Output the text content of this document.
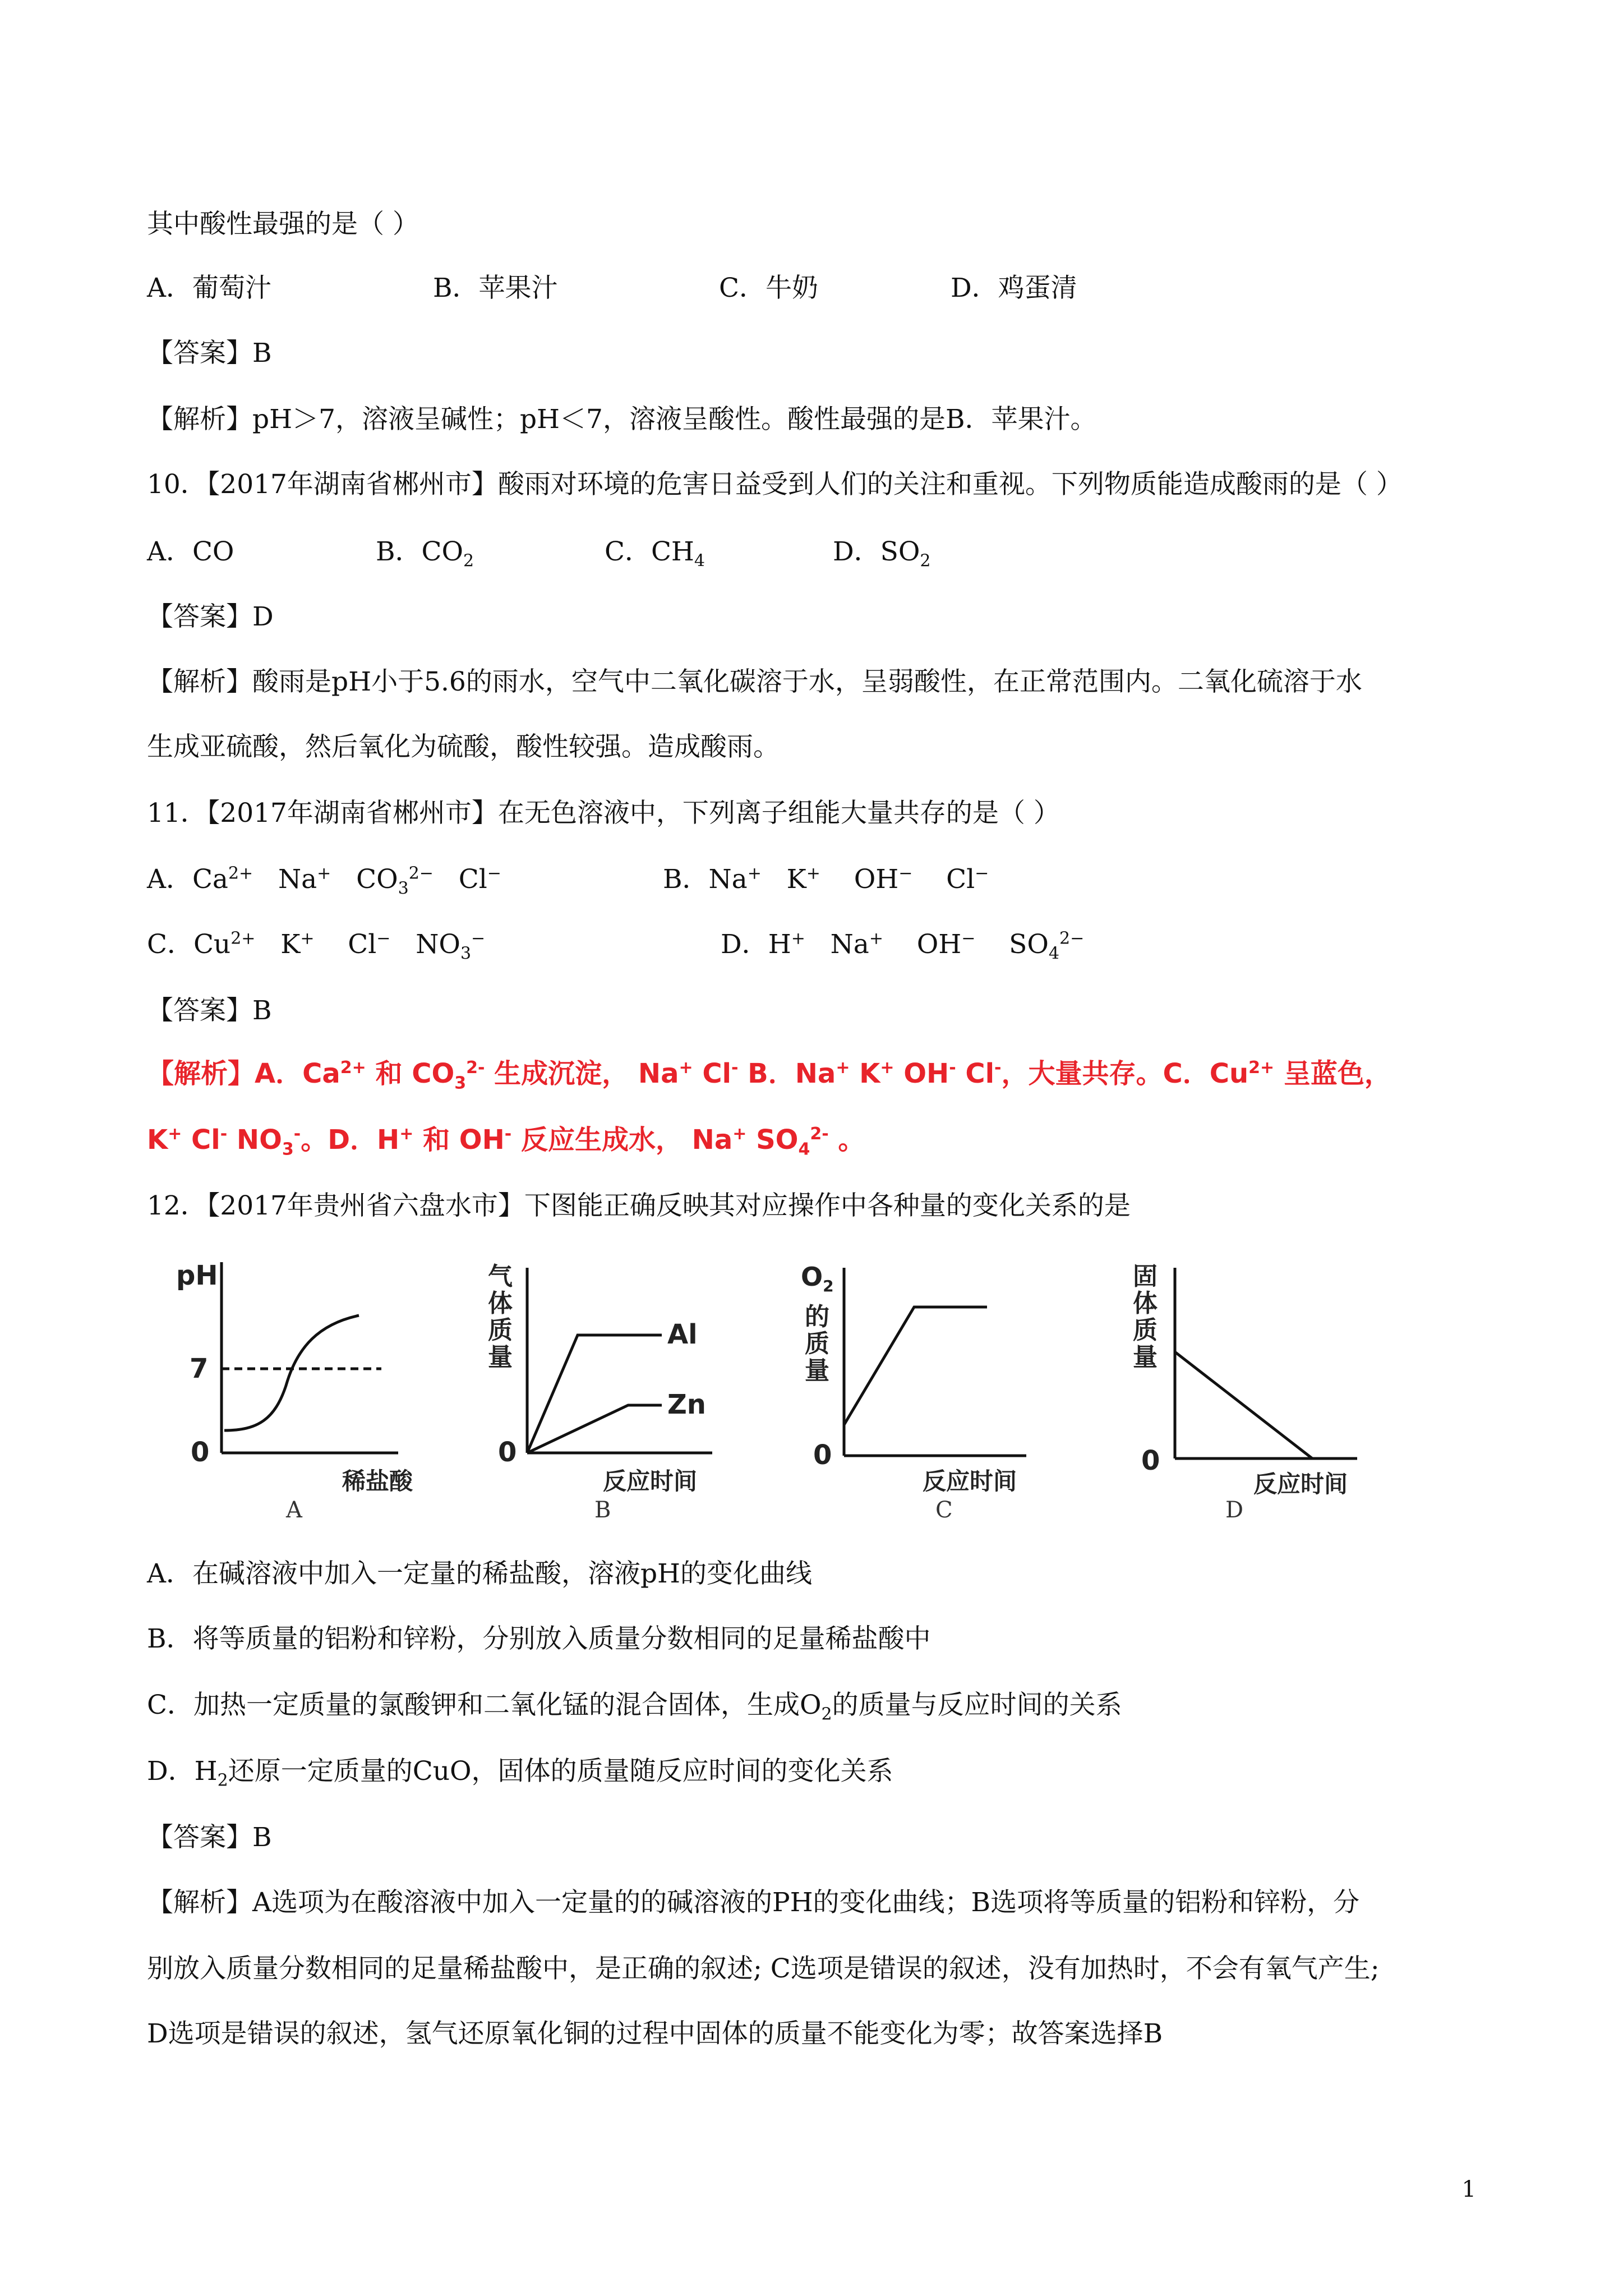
其中酸性最强的是（ ）
A．葡萄汁	B．苹果汁	C．牛奶	D．鸡蛋清
【答案】B
【解析】pH＞7，溶液呈碱性；pH＜7，溶液呈酸性。酸性最强的是B．苹果汁。
10．【2017年湖南省郴州市】酸雨对环境的危害日益受到人们的关注和重视。下列物质能造成酸雨的是（ ）
A．CO	B．$CO_2$	C．$CH_4$	D．$SO_2$
【答案】D
【解析】酸雨是pH小于5.6的雨水，空气中二氧化碳溶于水，呈弱酸性，在正常范围内。二氧化硫溶于水
生成亚硫酸，然后氧化为硫酸，酸性较强。造成酸雨。
11．【2017年湖南省郴州市】在无色溶液中，下列离子组能大量共存的是（ ）
A．$Ca^{2+}$ Na+ $CO_3^{2-}$ Cl−	B．Na+ K+ OH− Cl−
C．$Cu^{2+}$ K+ Cl− $NO_3^-$	D．H+ Na+ OH− $SO_4^{2-}$
【答案】B
【解析】A．$Ca^{2+}$ 和 $CO_3^{2-}$ 生成沉淀， Na+ Cl- B．Na+ K+ OH- Cl-，大量共存。C．$Cu^{2+}$ 呈蓝色，
K+ Cl- $NO_3^-$。D．H+ 和 OH- 反应生成水， Na+ $SO_4^{2-}$ 。
12．【2017年贵州省六盘水市】下图能正确反映其对应操作中各种量的变化关系的是
pH
7
0
稀盐酸
A
气
体
质
量
0
Al
Zn
反应时间
B
$O_2$
的
质
量
0
反应时间
C
固
体
质
量
0
反应时间
D
A．在碱溶液中加入一定量的稀盐酸，溶液pH的变化曲线
B．将等质量的铝粉和锌粉，分别放入质量分数相同的足量稀盐酸中
C．加热一定质量的氯酸钾和二氧化锰的混合固体，生成$O_2$的质量与反应时间的关系
D．$H_2$还原一定质量的CuO，固体的质量随反应时间的变化关系
【答案】B
【解析】A选项为在酸溶液中加入一定量的的碱溶液的PH的变化曲线；B选项将等质量的铝粉和锌粉，分
别放入质量分数相同的足量稀盐酸中，是正确的叙述; C选项是错误的叙述，没有加热时，不会有氧气产生;
D选项是错误的叙述，氢气还原氧化铜的过程中固体的质量不能变化为零；故答案选择B
1
